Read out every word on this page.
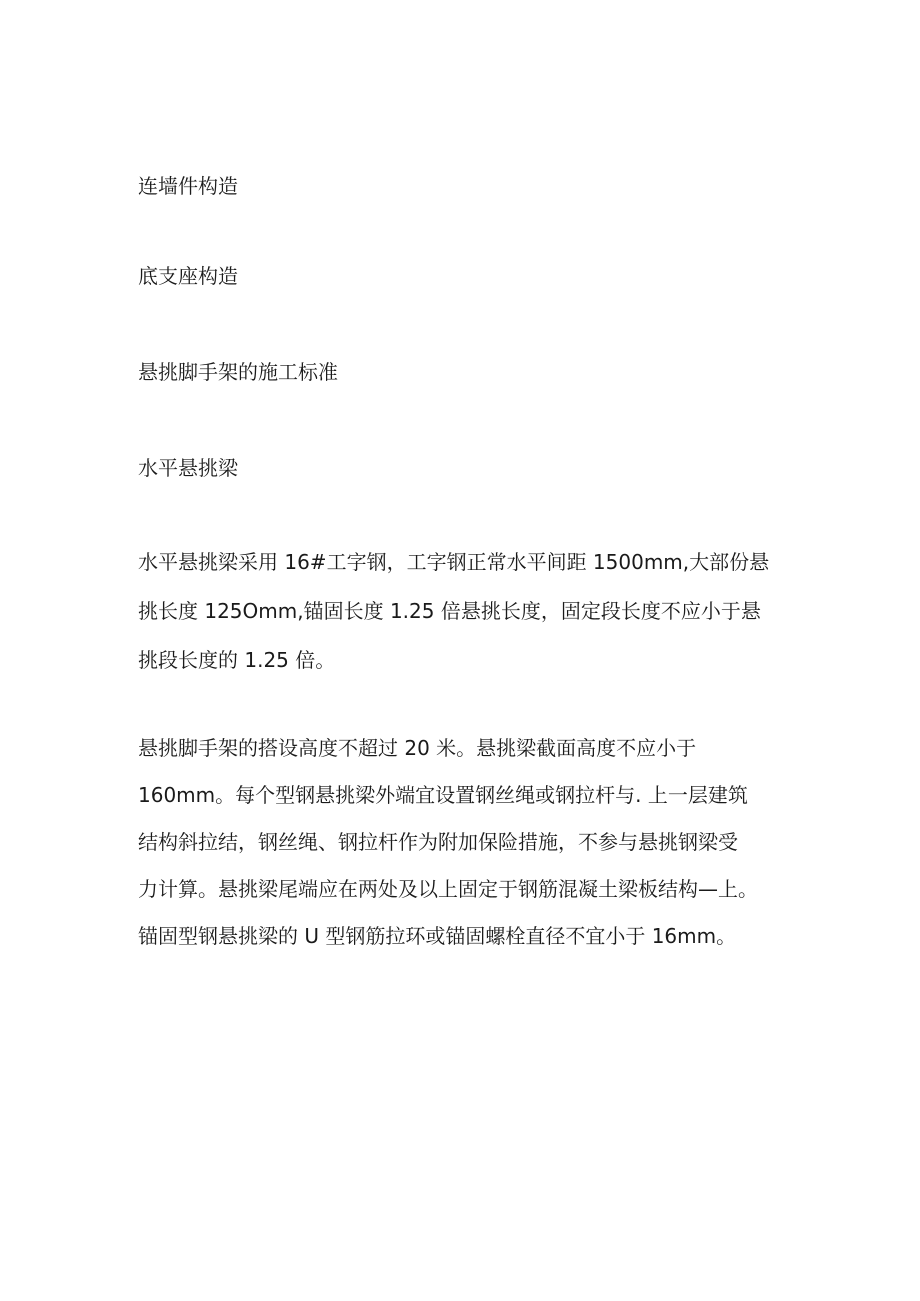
连墙件构造
底支座构造
悬挑脚手架的施工标准
水平悬挑梁
水平悬挑梁采用 16#工字钢，工字钢正常水平间距 1500mm,大部份悬
挑长度 125Omm,锚固长度 1.25 倍悬挑长度，固定段长度不应小于悬
挑段长度的 1.25 倍。
悬挑脚手架的搭设高度不超过 20 米。悬挑梁截面高度不应小于
160mm。每个型钢悬挑梁外端宜设置钢丝绳或钢拉杆与. 上一层建筑
结构斜拉结，钢丝绳、钢拉杆作为附加保险措施，不参与悬挑钢梁受
力计算。悬挑梁尾端应在两处及以上固定于钢筋混凝土梁板结构—上。
锚固型钢悬挑梁的 U 型钢筋拉环或锚固螺栓直径不宜小于 16mm。
